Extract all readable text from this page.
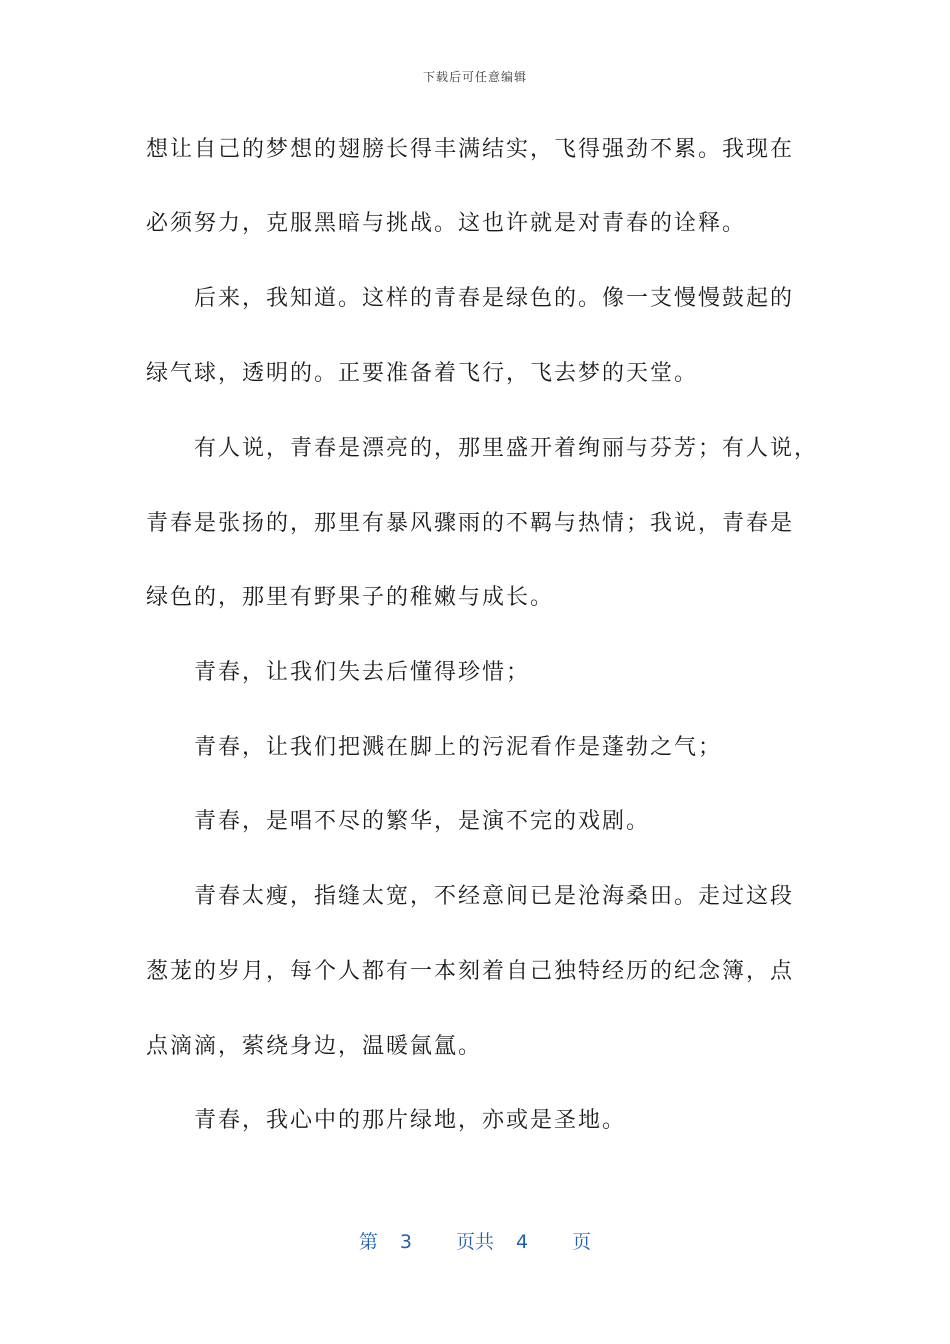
下载后可任意编辑
想让自己的梦想的翅膀长得丰满结实，飞得强劲不累。我现在
必须努力，克服黑暗与挑战。这也许就是对青春的诠释。
后来，我知道。这样的青春是绿色的。像一支慢慢鼓起的
绿气球，透明的。正要准备着飞行，飞去梦的天堂。
有人说，青春是漂亮的，那里盛开着绚丽与芬芳；有人说，
青春是张扬的，那里有暴风骤雨的不羁与热情；我说，青春是
绿色的，那里有野果子的稚嫩与成长。
青春，让我们失去后懂得珍惜；
青春，让我们把溅在脚上的污泥看作是蓬勃之气；
青春，是唱不尽的繁华，是演不完的戏剧。
青春太瘦，指缝太宽，不经意间已是沧海桑田。走过这段
葱茏的岁月，每个人都有一本刻着自己独特经历的纪念簿，点
点滴滴，萦绕身边，温暖氤氲。
青春，我心中的那片绿地，亦或是圣地。
第 3 页共 4 页
